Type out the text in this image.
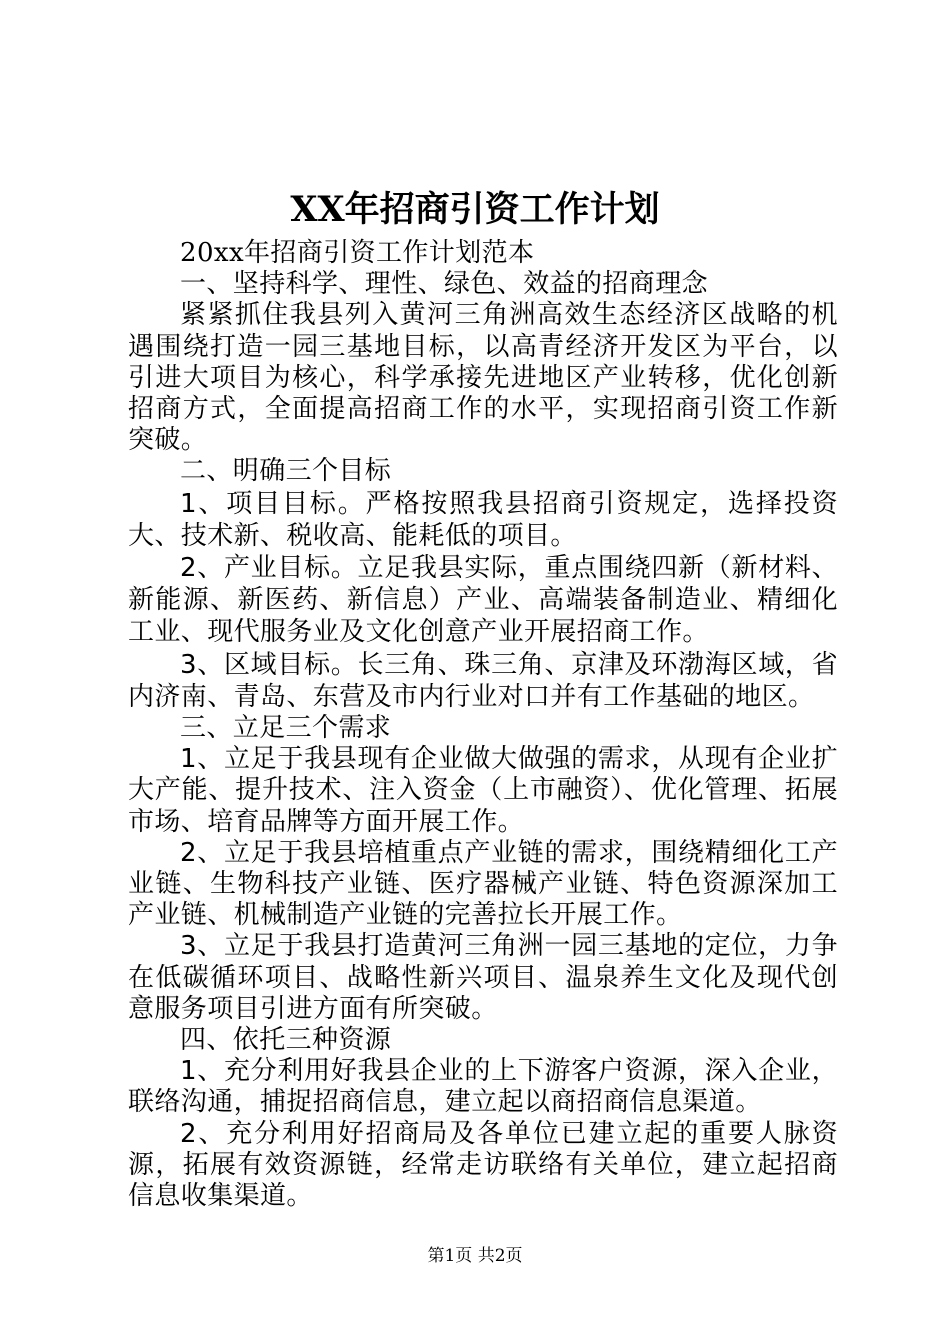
XX年招商引资工作计划

20xx年招商引资工作计划范本

一、坚持科学、理性、绿色、效益的招商理念

紧紧抓住我县列入黄河三角洲高效生态经济区战略的机遇围绕打造一园三基地目标，以高青经济开发区为平台，以引进大项目为核心，科学承接先进地区产业转移，优化创新招商方式，全面提高招商工作的水平，实现招商引资工作新突破。

二、明确三个目标

1、项目目标。严格按照我县招商引资规定，选择投资大、技术新、税收高、能耗低的项目。

2、产业目标。立足我县实际，重点围绕四新（新材料、新能源、新医药、新信息）产业、高端装备制造业、精细化工业、现代服务业及文化创意产业开展招商工作。

3、区域目标。长三角、珠三角、京津及环渤海区域，省内济南、青岛、东营及市内行业对口并有工作基础的地区。

三、立足三个需求

1、立足于我县现有企业做大做强的需求，从现有企业扩大产能、提升技术、注入资金（上市融资）、优化管理、拓展市场、培育品牌等方面开展工作。

2、立足于我县培植重点产业链的需求，围绕精细化工产业链、生物科技产业链、医疗器械产业链、特色资源深加工产业链、机械制造产业链的完善拉长开展工作。

3、立足于我县打造黄河三角洲一园三基地的定位，力争在低碳循环项目、战略性新兴项目、温泉养生文化及现代创意服务项目引进方面有所突破。

四、依托三种资源

1、充分利用好我县企业的上下游客户资源，深入企业，联络沟通，捕捉招商信息，建立起以商招商信息渠道。

2、充分利用好招商局及各单位已建立起的重要人脉资源，拓展有效资源链，经常走访联络有关单位，建立起招商信息收集渠道。

第1页 共2页
